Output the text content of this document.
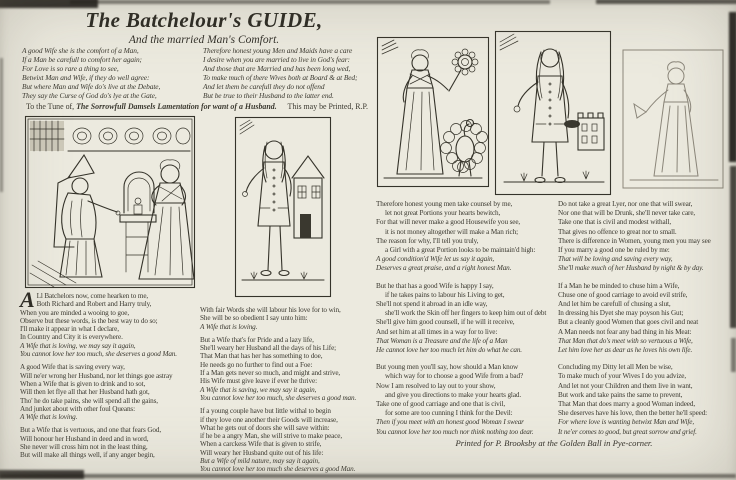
The Batchelour's GUIDE,
And the married Man's Comfort.
A good Wife she is the comfort of a Man,
If a Man be carefull to comfort her again;
For Love is so rare a thing to see,
Betwixt Man and Wife, if they do well agree:
But where Man and Wife do's live at the Debate,
They say the Curse of God do's lye at the Gate,
Therefore honest young Men and Maids have a care
I desire when you are married to live in God's fear:
And those that are Married and has been long wed,
To make much of there Wives both at Board & at Bed;
And let them be carefull they do not offend
But be true to their Husband to the latter end.
To the Tune of, The Sorrowfull Damsels Lamentation for want of a Husband.	This may be Printed, R.P.
A Ll Batchelors now, come hearken to me,
Both Richard and Robert and Harry truly,
When you are minded a wooing to goe,
Observe but these words, is the best way to do so;
I'll make it appear in what I declare,
In Country and City it is everywhere.
A Wife that is loving, we may say it again,
You cannot love her too much, she deserves a good Man.
A good Wife that is saving every way,
Will ne'er wrong her Husband, nor let things goe astray
When a Wife that is given to drink and to sot,
Will then let flye all that her Husband hath got,
Tho' he do take pains, she will spend all the gains,
And junket about with other foul Queans:
A Wife that is loving.
But a Wife that is vertuous, and one that fears God,
Will honour her Husband in deed and in word,
She never will cross him not in the least thing,
But will make all things well, if any anger begin,
With fair Words she will labour his love for to win,
She will be so obedient I say unto him:
A Wife that is loving.
But a Wife that's for Pride and a lazy life,
She'll weary her Husband all the days of his Life;
That Man that has her has something to doe,
He needs go no further to find out a Foe:
If a Man gets never so much, and might and strive,
His Wife must give leave if ever he thrive:
A Wife that is saving, we may say it again,
You cannot love her too much, she deserves a good man.
If a young couple have but little withal to begin
if they love one another their Goods will increase,
What he gets out of doors she will save within:
if he be a angry Man, she will strive to make peace,
When a carckess Wife that is given to strife,
Will weary her Husband quite out of his life:
But a Wife of mild nature, may say it again,
You cannot love her too much she deserves a good Man.
Therefore honest young men take counsel by me,
let not great Portions your hearts bewitch,
For that will never make a good Housewife you see,
it is not money altogether will make a Man rich;
The reason for why, I'll tell you truly,
a Girl with a great Portion looks to be maintain'd high:
A good condition'd Wife let us say it again,
Deserves a great praise, and a right honest Man.
But he that has a good Wife is happy I say,
if he takes pains to labour his Living to get,
She'll not spend it abroad in an idle way,
she'll work the Skin off her fingers to keep him out of debt
She'll give him good counsell, if he will it receive,
And set him at all times in a way for to live:
That Woman is a Treasure and the life of a Man
He cannot love her too much let him do what he can.
But young men you'll say, how should a Man know
which way for to choose a good Wife from a bad?
Now I am resolved to lay out to your show,
and give you directions to make your hearts glad.
Take one of good carriage and one that is civil,
for some are too cunning I think for the Devil:
Then if you meet with an honest good Woman I swear
You cannot love her too much nor think nothing too dear.
Do not take a great Lyer, nor one that will swear,
Nor one that will be Drunk, she'll never take care,
Take one that is civil and modest withall,
That gives no offence to great nor to small.
There is difference in Women, young men you may see
If you marry a good one be ruled by me:
That will be loving and saving every way,
She'll make much of her Husband by night & by day.
If a Man he be minded to chuse him a Wife,
Chuse one of good carriage to avoid evil strife,
And let him be carefull of chusing a slut,
In dressing his Dyet she may poyson his Gut;
But a cleanly good Women that goes civil and neat
A Man needs not fear any bad thing in his Meat:
That Man that do's meet with so vertuous a Wife,
Let him love her as dear as he loves his own life.
Concluding my Ditty let all Men be wise,
To make much of your Wives I do you advize,
And let not your Children and them live in want,
But work and take pains the same to prevent,
That Man that does marry a good Woman indeed,
She deserves have his love, then the better he'll speed:
For where love is wanting betwixt Man and Wife,
It ne'er comes to good, but great sorrow and grief.
Printed for P. Brooksby at the Golden Ball in Pye-corner.
